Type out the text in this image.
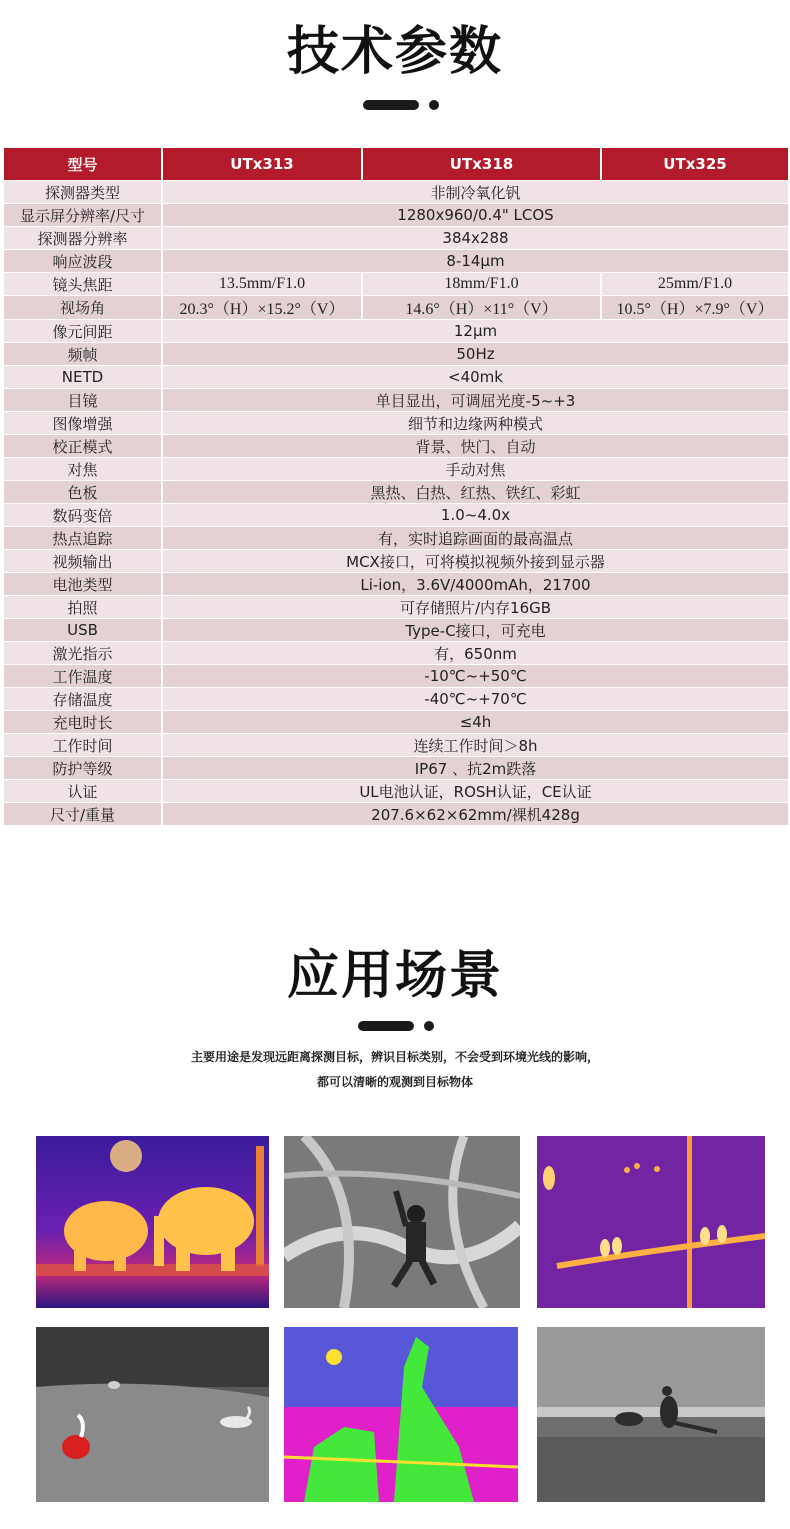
技术参数
型号	UTx313	UTx318	UTx325
探测器类型	非制冷氧化钒		
显示屏分辨率/尺寸	1280x960/0.4" LCOS		
探测器分辨率	384x288		
响应波段	8-14μm		
镜头焦距	13.5mm/F1.0	18mm/F1.0	25mm/F1.0
视场角	20.3°（H）×15.2°（V）	14.6°（H）×11°（V）	10.5°（H）×7.9°（V）
像元间距	12μm		
频帧	50Hz		
NETD	<40mk		
目镜	单目显出，可调屈光度-5~+3		
图像增强	细节和边缘两种模式		
校正模式	背景、快门、自动		
对焦	手动对焦		
色板	黑热、白热、红热、铁红、彩虹		
数码变倍	1.0~4.0x		
热点追踪	有，实时追踪画面的最高温点		
视频输出	MCX接口，可将模拟视频外接到显示器		
电池类型	Li-ion，3.6V/4000mAh，21700		
拍照	可存储照片/内存16GB		
USB	Type-C接口，可充电		
激光指示	有，650nm		
工作温度	-10℃~+50℃		
存储温度	-40℃~+70℃		
充电时长	≤4h		
工作时间	连续工作时间＞8h		
防护等级	IP67 、抗2m跌落		
认证	UL电池认证，ROSH认证，CE认证		
尺寸/重量	207.6×62×62mm/裸机428g		
应用场景
主要用途是发现远距离探测目标，辨识目标类别，不会受到环境光线的影响，
都可以清晰的观测到目标物体
